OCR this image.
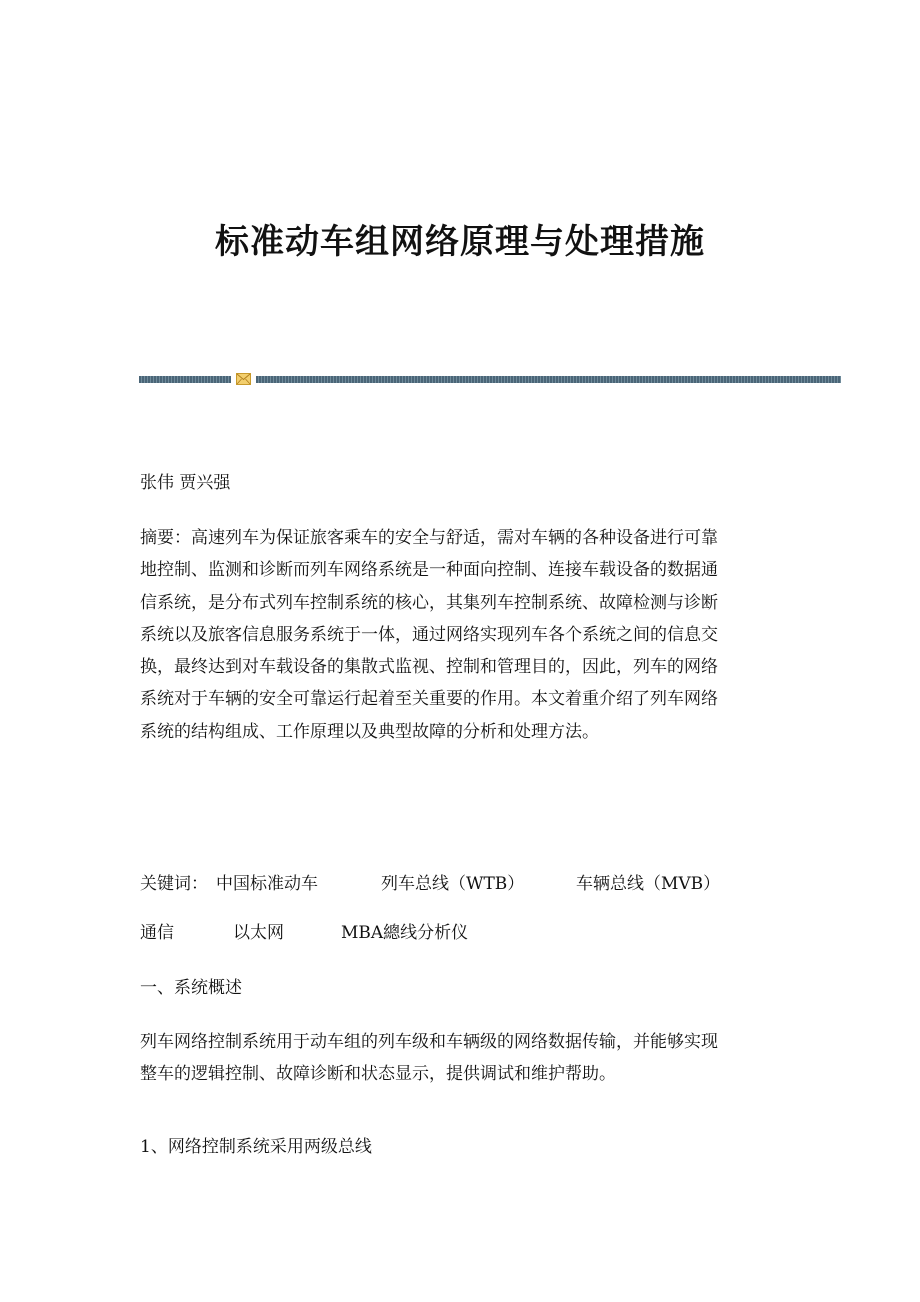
标准动车组网络原理与处理措施
张伟 贾兴强
摘要：高速列车为保证旅客乘车的安全与舒适，需对车辆的各种设备进行可靠
地控制、监测和诊断而列车网络系统是一种面向控制、连接车载设备的数据通
信系统，是分布式列车控制系统的核心，其集列车控制系统、故障检测与诊断
系统以及旅客信息服务系统于一体，通过网络实现列车各个系统之间的信息交
换，最终达到对车载设备的集散式监视、控制和管理目的，因此，列车的网络
系统对于车辆的安全可靠运行起着至关重要的作用。本文着重介绍了列车网络
系统的结构组成、工作原理以及典型故障的分析和处理方法。
关键词： 中国标准动车	列车总线（WTB）	车辆总线（MVB）
通信	以太网	MBA總线分析仪
一、系统概述
列车网络控制系统用于动车组的列车级和车辆级的网络数据传输，并能够实现
整车的逻辑控制、故障诊断和状态显示，提供调试和维护帮助。
1、网络控制系统采用两级总线
